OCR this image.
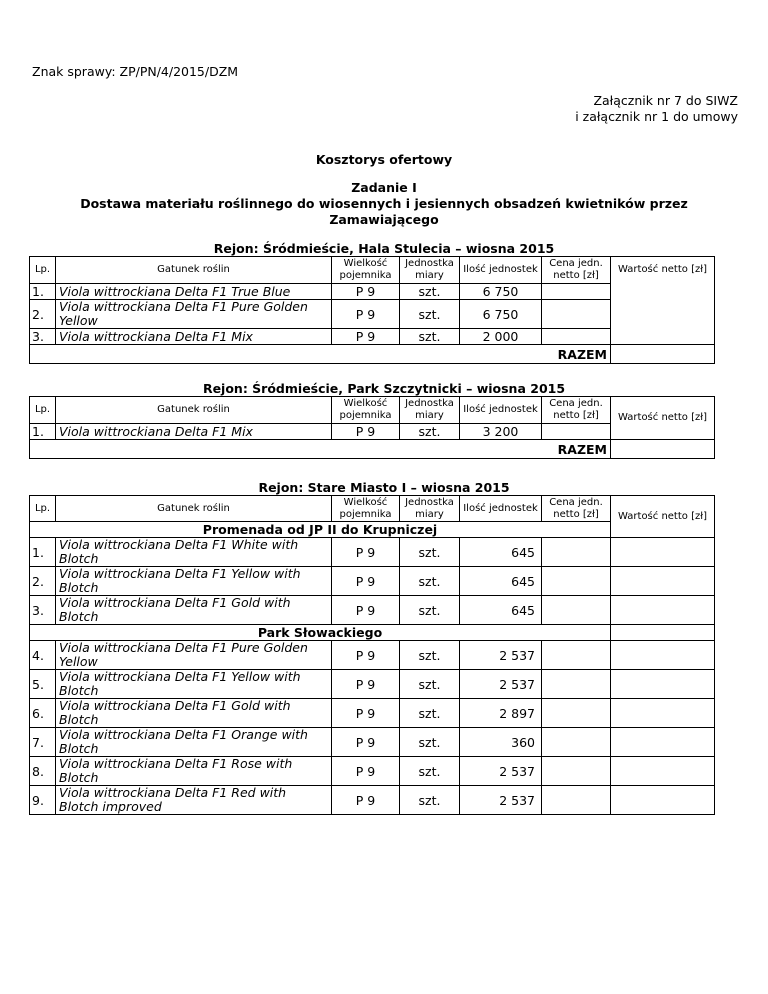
Znak sprawy: ZP/PN/4/2015/DZM
Załącznik nr 7 do SIWZ
i załącznik nr 1 do umowy
Kosztorys ofertowy
Zadanie I
Dostawa materiału roślinnego do wiosennych i jesiennych obsadzeń kwietników przez
Zamawiającego
Rejon: Śródmieście, Hala Stulecia – wiosna 2015
Lp.	Gatunek roślin	Wielkość pojemnika	Jednostka miary	Ilość jednostek	Cena jedn. netto [zł]	Wartość netto [zł]
1.	Viola wittrockiana Delta F1 True Blue	P 9	szt.	6 750		
2.	Viola wittrockiana Delta F1 Pure Golden Yellow	P 9	szt.	6 750		
3.	Viola wittrockiana Delta F1 Mix	P 9	szt.	2 000		
RAZEM						
Rejon: Śródmieście, Park Szczytnicki – wiosna 2015
Lp.	Gatunek roślin	Wielkość pojemnika	Jednostka miary	Ilość jednostek	Cena jedn. netto [zł]	Wartość netto [zł]
1.	Viola wittrockiana Delta F1 Mix	P 9	szt.	3 200		
RAZEM						
Rejon: Stare Miasto I – wiosna 2015
Lp.	Gatunek roślin	Wielkość pojemnika	Jednostka miary	Ilość jednostek	Cena jedn. netto [zł]	Wartość netto [zł]
Promenada od JP II do Krupniczej						
1.	Viola wittrockiana Delta F1 White with Blotch	P 9	szt.	645		
2.	Viola wittrockiana Delta F1 Yellow with Blotch	P 9	szt.	645		
3.	Viola wittrockiana Delta F1 Gold with Blotch	P 9	szt.	645		
Park Słowackiego						
4.	Viola wittrockiana Delta F1 Pure Golden Yellow	P 9	szt.	2 537		
5.	Viola wittrockiana Delta F1 Yellow with Blotch	P 9	szt.	2 537		
6.	Viola wittrockiana Delta F1 Gold with Blotch	P 9	szt.	2 897		
7.	Viola wittrockiana Delta F1 Orange with Blotch	P 9	szt.	360		
8.	Viola wittrockiana Delta F1 Rose with Blotch	P 9	szt.	2 537		
9.	Viola wittrockiana Delta F1 Red with Blotch improved	P 9	szt.	2 537		
